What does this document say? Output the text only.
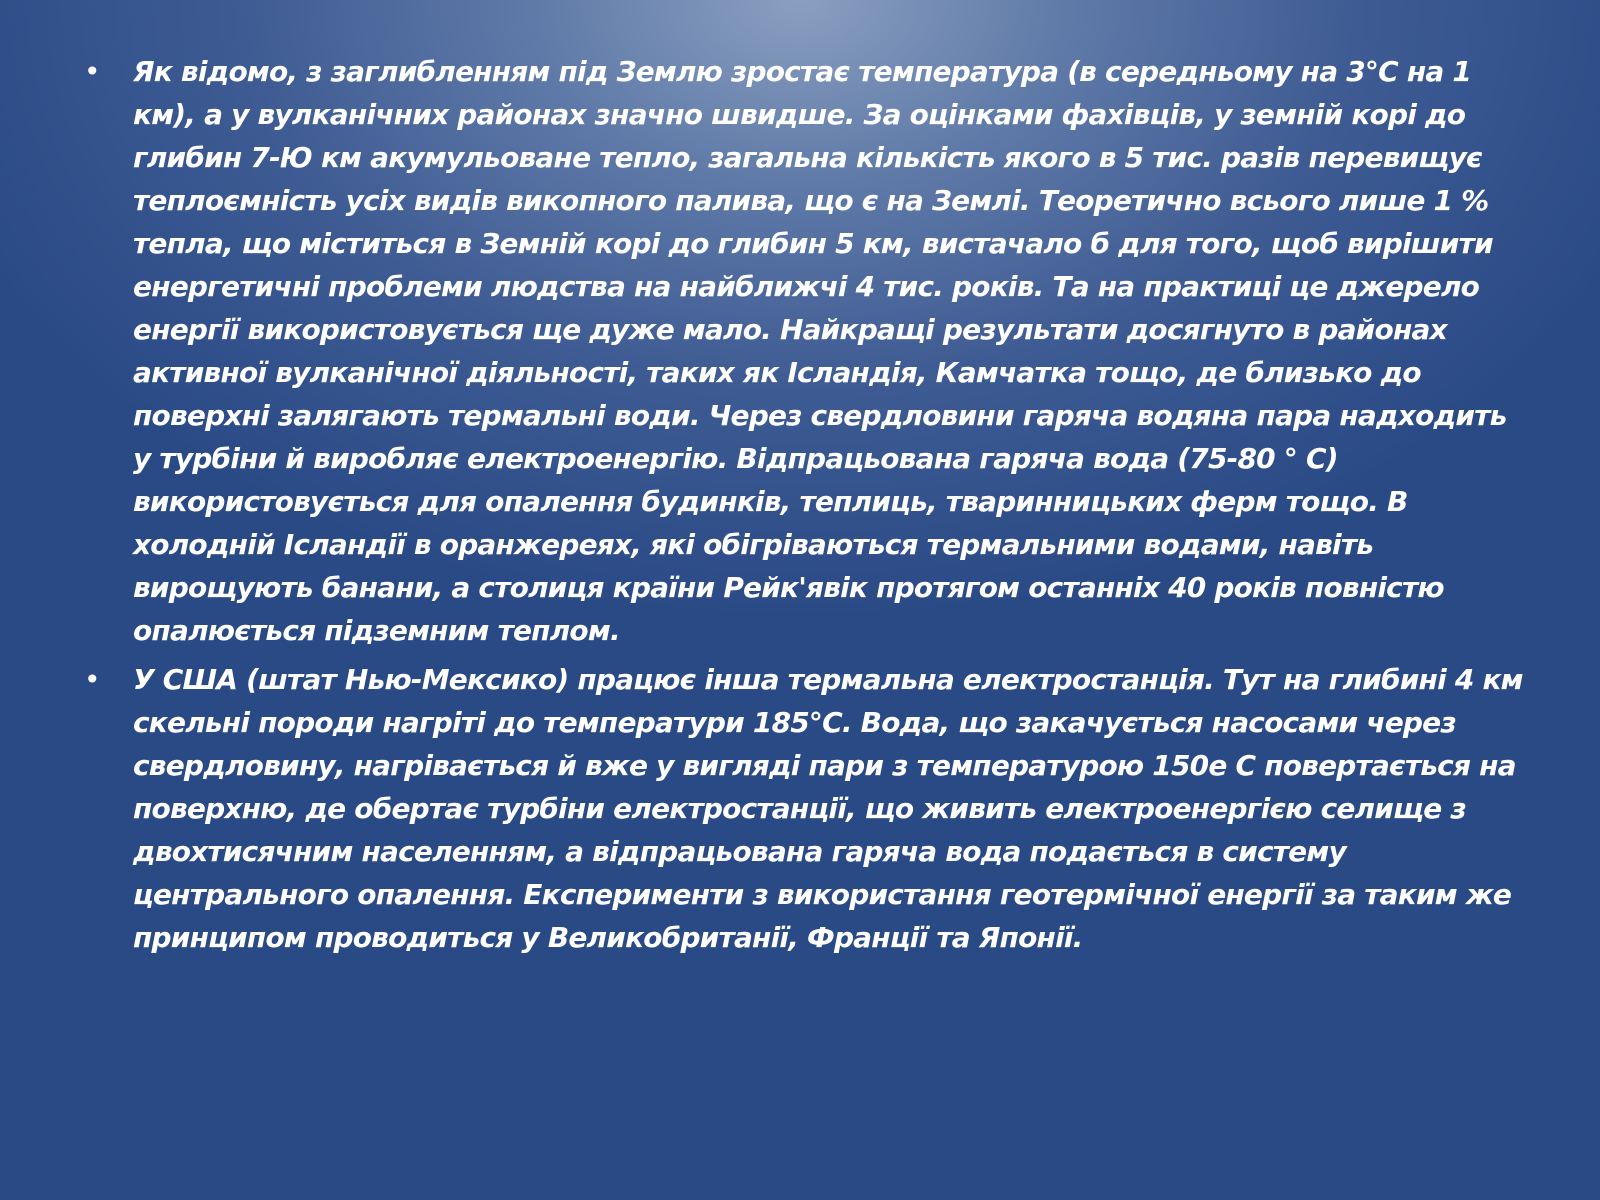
• Як відомо, з заглибленням під Землю зростає температура (в середньому на 3°С на 1 км), а у вулканічних районах значно швидше. За оцінками фахівців, у земній корі до глибин 7-Ю км акумульоване тепло, загальна кількість якого в 5 тис. разів перевищує теплоємність усіх видів викопного палива, що є на Землі. Теоретично всього лише 1 % тепла, що міститься в Земній корі до глибин 5 км, вистачало б для того, щоб вирішити енергетичні проблеми людства на найближчі 4 тис. років. Та на практиці це джерело енергії використовується ще дуже мало. Найкращі результати досягнуто в районах активної вулканічної діяльності, таких як Ісландія, Камчатка тощо, де близько до поверхні залягають термальні води. Через свердловини гаряча водяна пара надходить у турбіни й виробляє електроенергію. Відпрацьована гаряча вода (75-80 ° С) використовується для опалення будинків, теплиць, тваринницьких ферм тощо. В холодній Ісландії в оранжереях, які обігріваються термальними водами, навіть вирощують банани, а столиця країни Рейк'явік протягом останніх 40 років повністю опалюється підземним теплом.
• У США (штат Нью-Мексико) працює інша термальна електростанція. Тут на глибині 4 км скельні породи нагріті до температури 185°С. Вода, що закачується насосами через свердловину, нагрівається й вже у вигляді пари з температурою 150е С повертається на поверхню, де обертає турбіни електростанції, що живить електроенергією селище з двохтисячним населенням, а відпрацьована гаряча вода подається в систему центрального опалення. Експерименти з використання геотермічної енергії за таким же принципом проводиться у Великобританії, Франції та Японії.
